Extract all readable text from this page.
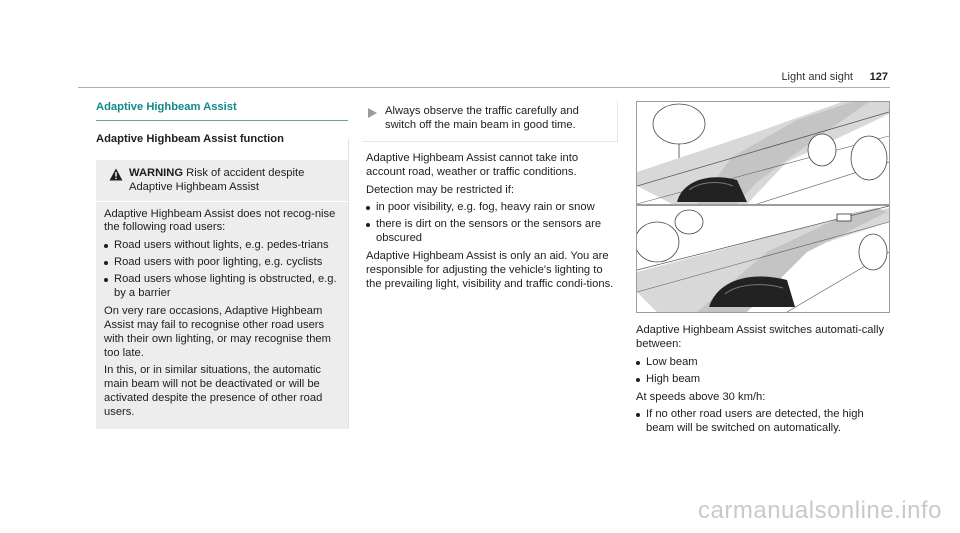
Light and sight 127
Adaptive Highbeam Assist
Adaptive Highbeam Assist function
WARNING Risk of accident despite Adaptive Highbeam Assist
Adaptive Highbeam Assist does not recog-nise the following road users:
Road users without lights, e.g. pedes-trians
Road users with poor lighting, e.g. cyclists
Road users whose lighting is obstructed, e.g. by a barrier
On very rare occasions, Adaptive Highbeam Assist may fail to recognise other road users with their own lighting, or may recognise them too late.
In this, or in similar situations, the automatic main beam will not be deactivated or will be activated despite the presence of other road users.
Always observe the traffic carefully and switch off the main beam in good time.
Adaptive Highbeam Assist cannot take into account road, weather or traffic conditions.
Detection may be restricted if:
in poor visibility, e.g. fog, heavy rain or snow
there is dirt on the sensors or the sensors are obscured
Adaptive Highbeam Assist is only an aid. You are responsible for adjusting the vehicle's lighting to the prevailing light, visibility and traffic condi-tions.
Adaptive Highbeam Assist switches automati-cally between:
Low beam
High beam
At speeds above 30 km/h:
If no other road users are detected, the high beam will be switched on automatically.
carmanualsonline.info
